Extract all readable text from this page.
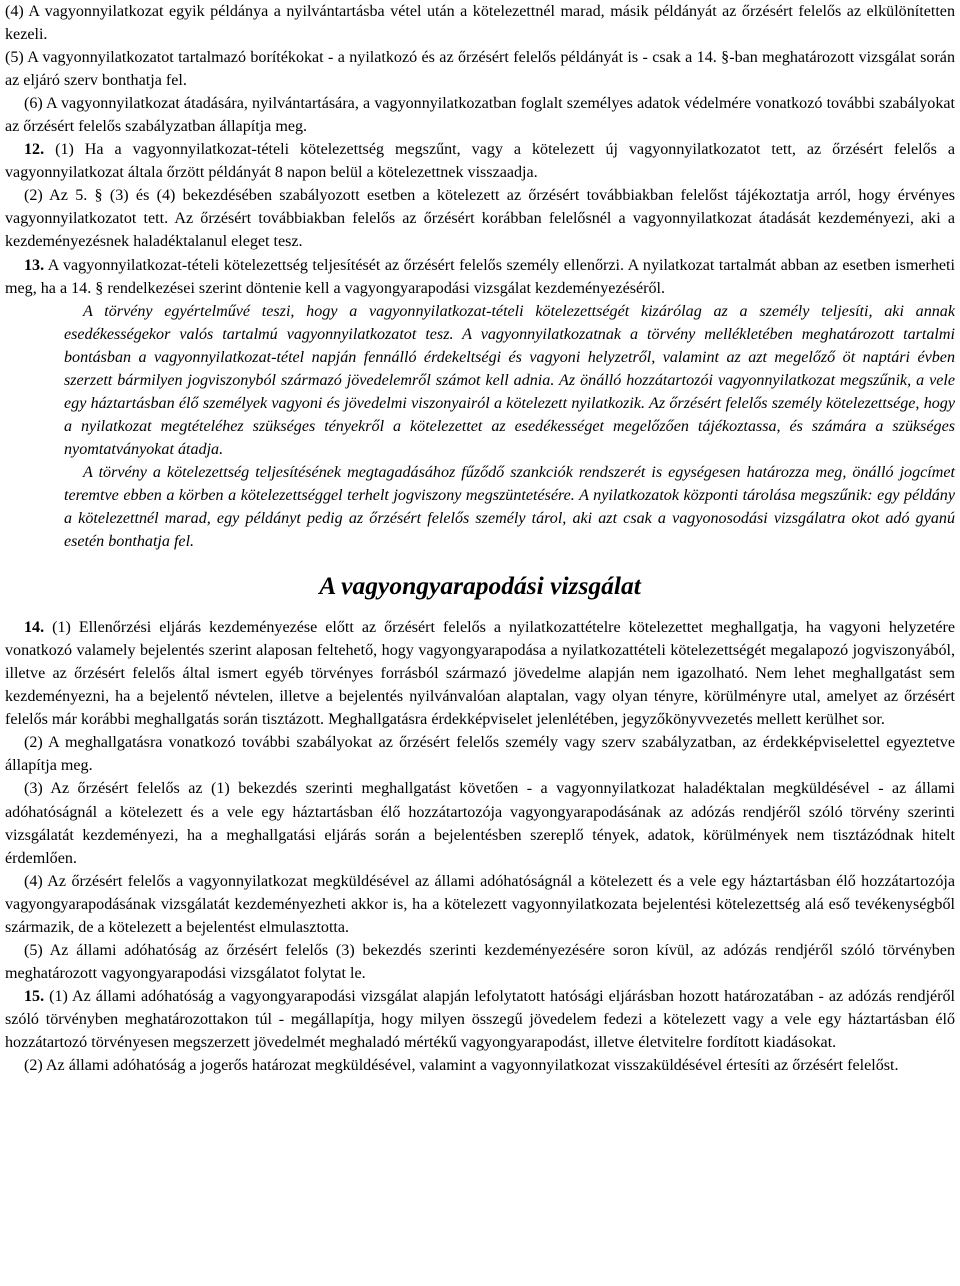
(4) A vagyonnyilatkozat egyik példánya a nyilvántartásba vétel után a kötelezettnél marad, másik példányát az őrzésért felelős az elkülönítetten kezeli.

(5) A vagyonnyilatkozatot tartalmazó borítékokat - a nyilatkozó és az őrzésért felelős példányát is - csak a 14. §-ban meghatározott vizsgálat során az eljáró szerv bonthatja fel.

(6) A vagyonnyilatkozat átadására, nyilvántartására, a vagyonnyilatkozatban foglalt személyes adatok védelmére vonatkozó további szabályokat az őrzésért felelős szabályzatban állapítja meg.

12. (1) Ha a vagyonnyilatkozat-tételi kötelezettség megszűnt, vagy a kötelezett új vagyonnyilatkozatot tett, az őrzésért felelős a vagyonnyilatkozat általa őrzött példányát 8 napon belül a kötelezettnek visszaadja.

(2) Az 5. § (3) és (4) bekezdésében szabályozott esetben a kötelezett az őrzésért továbbiakban felelőst tájékoztatja arról, hogy érvényes vagyonnyilatkozatot tett. Az őrzésért továbbiakban felelős az őrzésért korábban felelősnél a vagyonnyilatkozat átadását kezdeményezi, aki a kezdeményezésnek haladéktalanul eleget tesz.

13. A vagyonnyilatkozat-tételi kötelezettség teljesítését az őrzésért felelős személy ellenőrzi. A nyilatkozat tartalmát abban az esetben ismerheti meg, ha a 14. § rendelkezései szerint döntenie kell a vagyongyarapodási vizsgálat kezdeményezéséről.

A törvény egyértelművé teszi, hogy a vagyonnyilatkozat-tételi kötelezettségét kizárólag az a személy teljesíti, aki annak esedékességekor valós tartalmú vagyonnyilatkozatot tesz. A vagyonnyilatkozatnak a törvény mellékletében meghatározott tartalmi bontásban a vagyonnyilatkozat-tétel napján fennálló érdekeltségi és vagyoni helyzetről, valamint az azt megelőző öt naptári évben szerzett bármilyen jogviszonyból származó jövedelemről számot kell adnia. Az önálló hozzátartozói vagyonnyilatkozat megszűnik, a vele egy háztartásban élő személyek vagyoni és jövedelmi viszonyairól a kötelezett nyilatkozik. Az őrzésért felelős személy kötelezettsége, hogy a nyilatkozat megtételéhez szükséges tényekről a kötelezettet az esedékességet megelőzően tájékoztassa, és számára a szükséges nyomtatványokat átadja.

A törvény a kötelezettség teljesítésének megtagadásához fűződő szankciók rendszerét is egységesen határozza meg, önálló jogcímet teremtve ebben a körben a kötelezettséggel terhelt jogviszony megszüntetésére. A nyilatkozatok központi tárolása megszűnik: egy példány a kötelezettnél marad, egy példányt pedig az őrzésért felelős személy tárol, aki azt csak a vagyonosodási vizsgálatra okot adó gyanú esetén bonthatja fel.

A vagyongyarapodási vizsgálat

14. (1) Ellenőrzési eljárás kezdeményezése előtt az őrzésért felelős a nyilatkozattételre kötelezettet meghallgatja, ha vagyoni helyzetére vonatkozó valamely bejelentés szerint alaposan feltehető, hogy vagyongyarapodása a nyilatkozattételi kötelezettségét megalapozó jogviszonyából, illetve az őrzésért felelős által ismert egyéb törvényes forrásból származó jövedelme alapján nem igazolható. Nem lehet meghallgatást sem kezdeményezni, ha a bejelentő névtelen, illetve a bejelentés nyilvánvalóan alaptalan, vagy olyan tényre, körülményre utal, amelyet az őrzésért felelős már korábbi meghallgatás során tisztázott. Meghallgatásra érdekképviselet jelenlétében, jegyzőkönyvvezetés mellett kerülhet sor.

(2) A meghallgatásra vonatkozó további szabályokat az őrzésért felelős személy vagy szerv szabályzatban, az érdekképviselettel egyeztetve állapítja meg.

(3) Az őrzésért felelős az (1) bekezdés szerinti meghallgatást követően - a vagyonnyilatkozat haladéktalan megküldésével - az állami adóhatóságnál a kötelezett és a vele egy háztartásban élő hozzátartozója vagyongyarapodásának az adózás rendjéről szóló törvény szerinti vizsgálatát kezdeményezi, ha a meghallgatási eljárás során a bejelentésben szereplő tények, adatok, körülmények nem tisztázódnak hitelt érdemlően.

(4) Az őrzésért felelős a vagyonnyilatkozat megküldésével az állami adóhatóságnál a kötelezett és a vele egy háztartásban élő hozzátartozója vagyongyarapodásának vizsgálatát kezdeményezheti akkor is, ha a kötelezett vagyonnyilatkozata bejelentési kötelezettség alá eső tevékenységből származik, de a kötelezett a bejelentést elmulasztotta.

(5) Az állami adóhatóság az őrzésért felelős (3) bekezdés szerinti kezdeményezésére soron kívül, az adózás rendjéről szóló törvényben meghatározott vagyongyarapodási vizsgálatot folytat le.

15. (1) Az állami adóhatóság a vagyongyarapodási vizsgálat alapján lefolytatott hatósági eljárásban hozott határozatában - az adózás rendjéről szóló törvényben meghatározottakon túl - megállapítja, hogy milyen összegű jövedelem fedezi a kötelezett vagy a vele egy háztartásban élő hozzátartozó törvényesen megszerzett jövedelmét meghaladó mértékű vagyongyarapodást, illetve életvitelre fordított kiadásokat.

(2) Az állami adóhatóság a jogerős határozat megküldésével, valamint a vagyonnyilatkozat visszaküldésével értesíti az őrzésért felelőst.
